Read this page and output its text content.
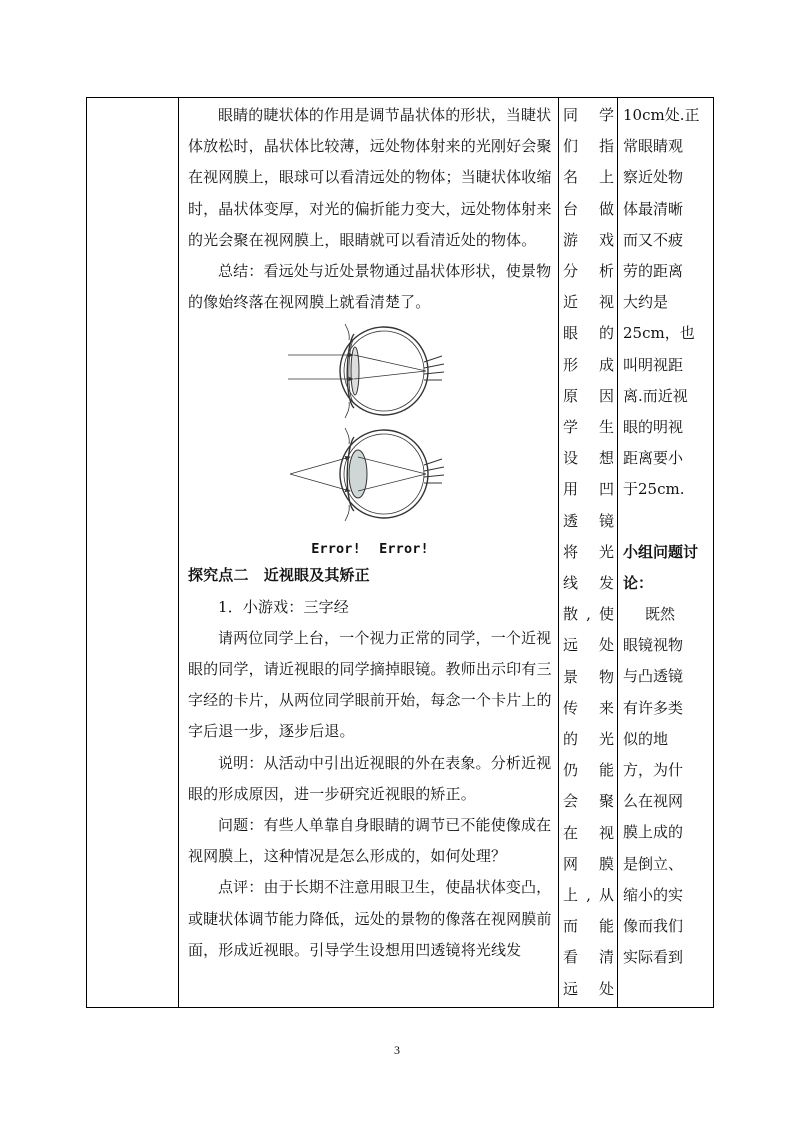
眼睛的睫状体的作用是调节晶状体的形状，当睫状体放松时，晶状体比较薄，远处物体射来的光刚好会聚在视网膜上，眼球可以看清远处的物体；当睫状体收缩时，晶状体变厚，对光的偏折能力变大，远处物体射来的光会聚在视网膜上，眼睛就可以看清近处的物体。

总结：看远处与近处景物通过晶状体形状，使景物的像始终落在视网膜上就看清楚了。

Error! Error!

探究点二　近视眼及其矫正

1．小游戏：三字经

请两位同学上台，一个视力正常的同学，一个近视眼的同学，请近视眼的同学摘掉眼镜。教师出示印有三字经的卡片，从两位同学眼前开始，每念一个卡片上的字后退一步，逐步后退。

说明：从活动中引出近视眼的外在表象。分析近视眼的形成原因，进一步研究近视眼的矫正。

问题：有些人单靠自身眼睛的调节已不能使像成在视网膜上，这种情况是怎么形成的，如何处理？

点评：由于长期不注意用眼卫生，使晶状体变凸，或睫状体调节能力降低，远处的景物的像落在视网膜前面，形成近视眼。引导学生设想用凹透镜将光线发

同 学
们 指
名 上
台 做
游 戏
分 析
近 视
眼 的
形 成
原因
学 生
设 想
用 凹
透 镜
将 光
线 发
散,使
远 处
景 物
传 来
的 光
仍 能
会 聚
在 视
网 膜
上,从
而 能
看 清
远 处

10cm处.正
常眼睛观
察近处物
体最清晰
而又不疲
劳的距离
大约是
25cm，也
叫明视距
离.而近视
眼的明视
距离要小
于25cm.
小组问题讨论：
既然
眼镜视物
与凸透镜
有许多类
似的地
方，为什
么在视网
膜上成的
是倒立、
缩小的实
像而我们
实际看到
3
